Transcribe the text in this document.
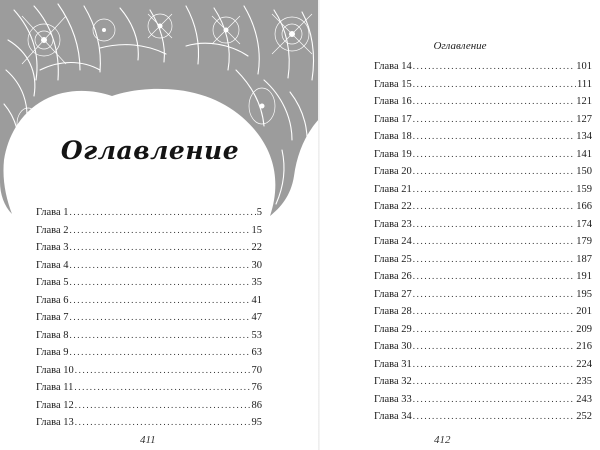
Оглавление
Глава 1 .....	5
Глава 2 .....	15
Глава 3 .....	22
Глава 4 .....	30
Глава 5 .....	35
Глава 6 .....	41
Глава 7 .....	47
Глава 8 .....	53
Глава 9 .....	63
Глава 10 .....	70
Глава 11 .....	76
Глава 12 .....	86
Глава 13 .....	95
411
Оглавление
Глава 14 .....	101
Глава 15 .....	111
Глава 16 .....	121
Глава 17 .....	127
Глава 18 .....	134
Глава 19 .....	141
Глава 20 .....	150
Глава 21 .....	159
Глава 22 .....	166
Глава 23 .....	174
Глава 24 .....	179
Глава 25 .....	187
Глава 26 .....	191
Глава 27 .....	195
Глава 28 .....	201
Глава 29 .....	209
Глава 30 .....	216
Глава 31 .....	224
Глава 32 .....	235
Глава 33 .....	243
Глава 34 .....	252
412
